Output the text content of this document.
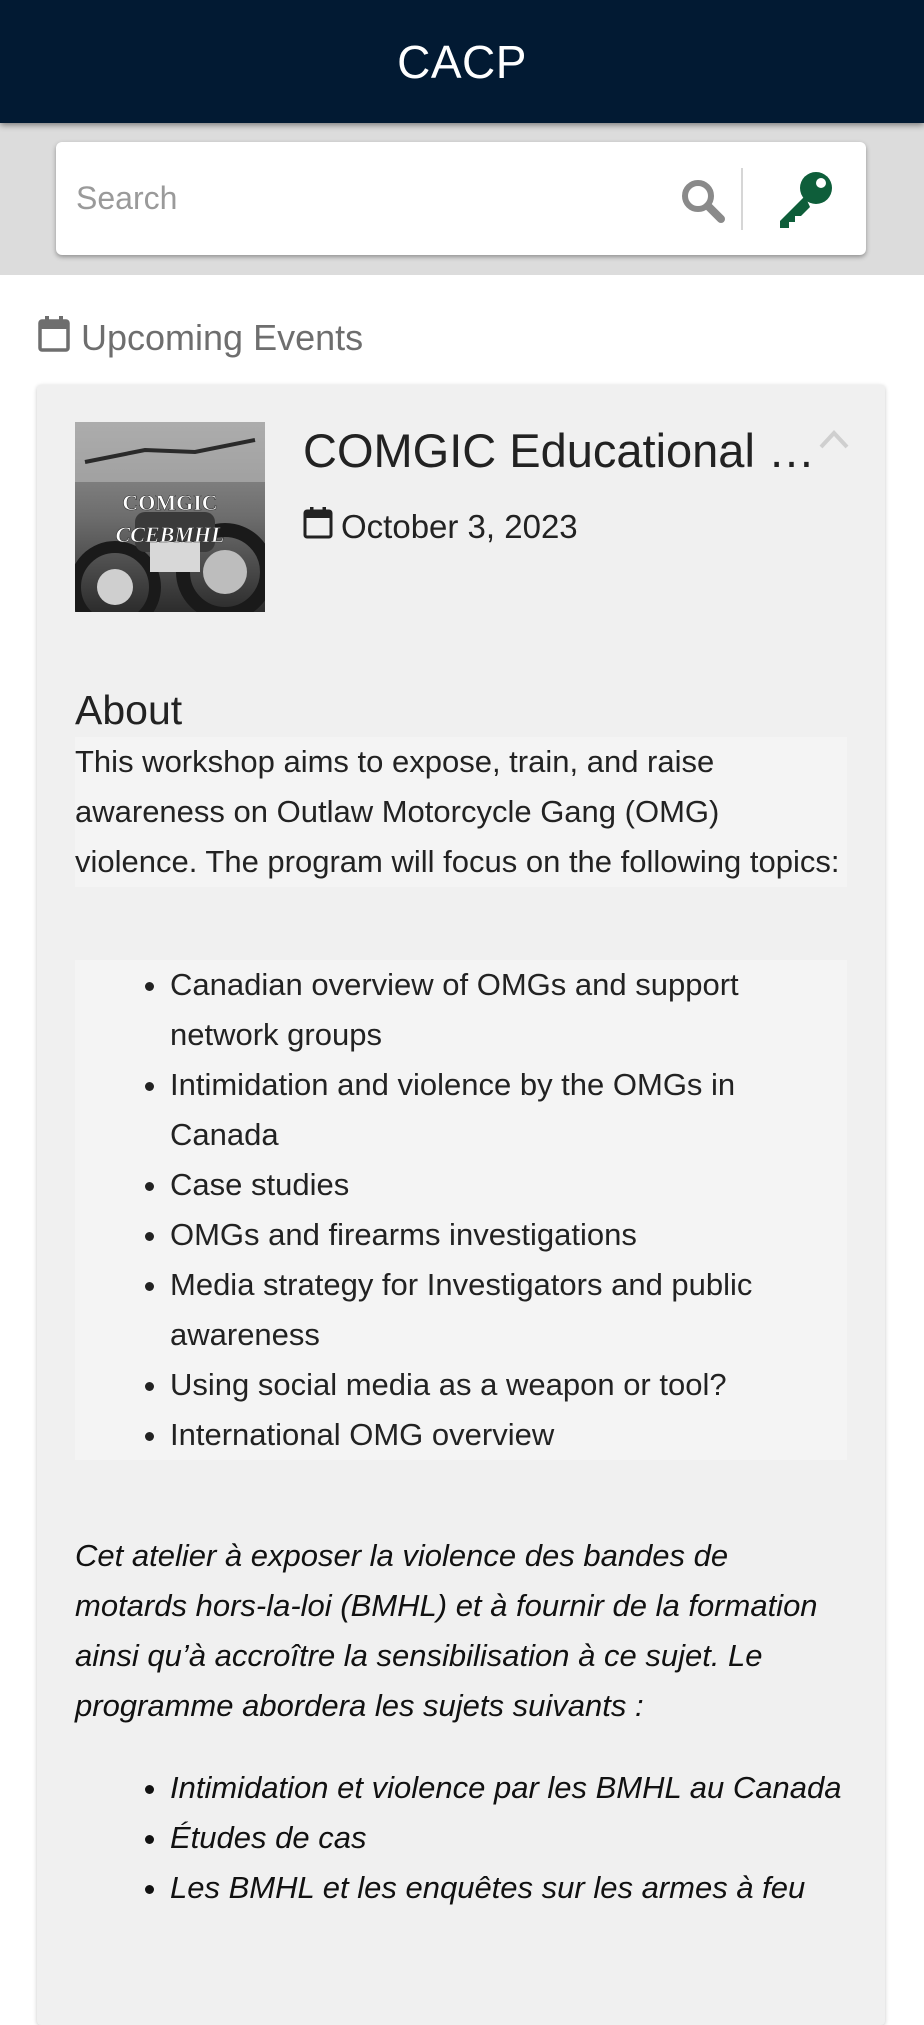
CACP
Search
Upcoming Events
COMGIC
CCEBMHL
COMGIC Educational …
October 3, 2023
About
This workshop aims to expose, train, and raise awareness on Outlaw Motorcycle Gang (OMG) violence. The program will focus on the following topics:
• Canadian overview of OMGs and support network groups
• Intimidation and violence by the OMGs in Canada
• Case studies
• OMGs and firearms investigations
• Media strategy for Investigators and public awareness
• Using social media as a weapon or tool?
• International OMG overview
Cet atelier à exposer la violence des bandes de motards hors-la-loi (BMHL) et à fournir de la formation ainsi qu’à accroître la sensibilisation à ce sujet. Le programme abordera les sujets suivants :
• Intimidation et violence par les BMHL au Canada
• Études de cas
• Les BMHL et les enquêtes sur les armes à feu
